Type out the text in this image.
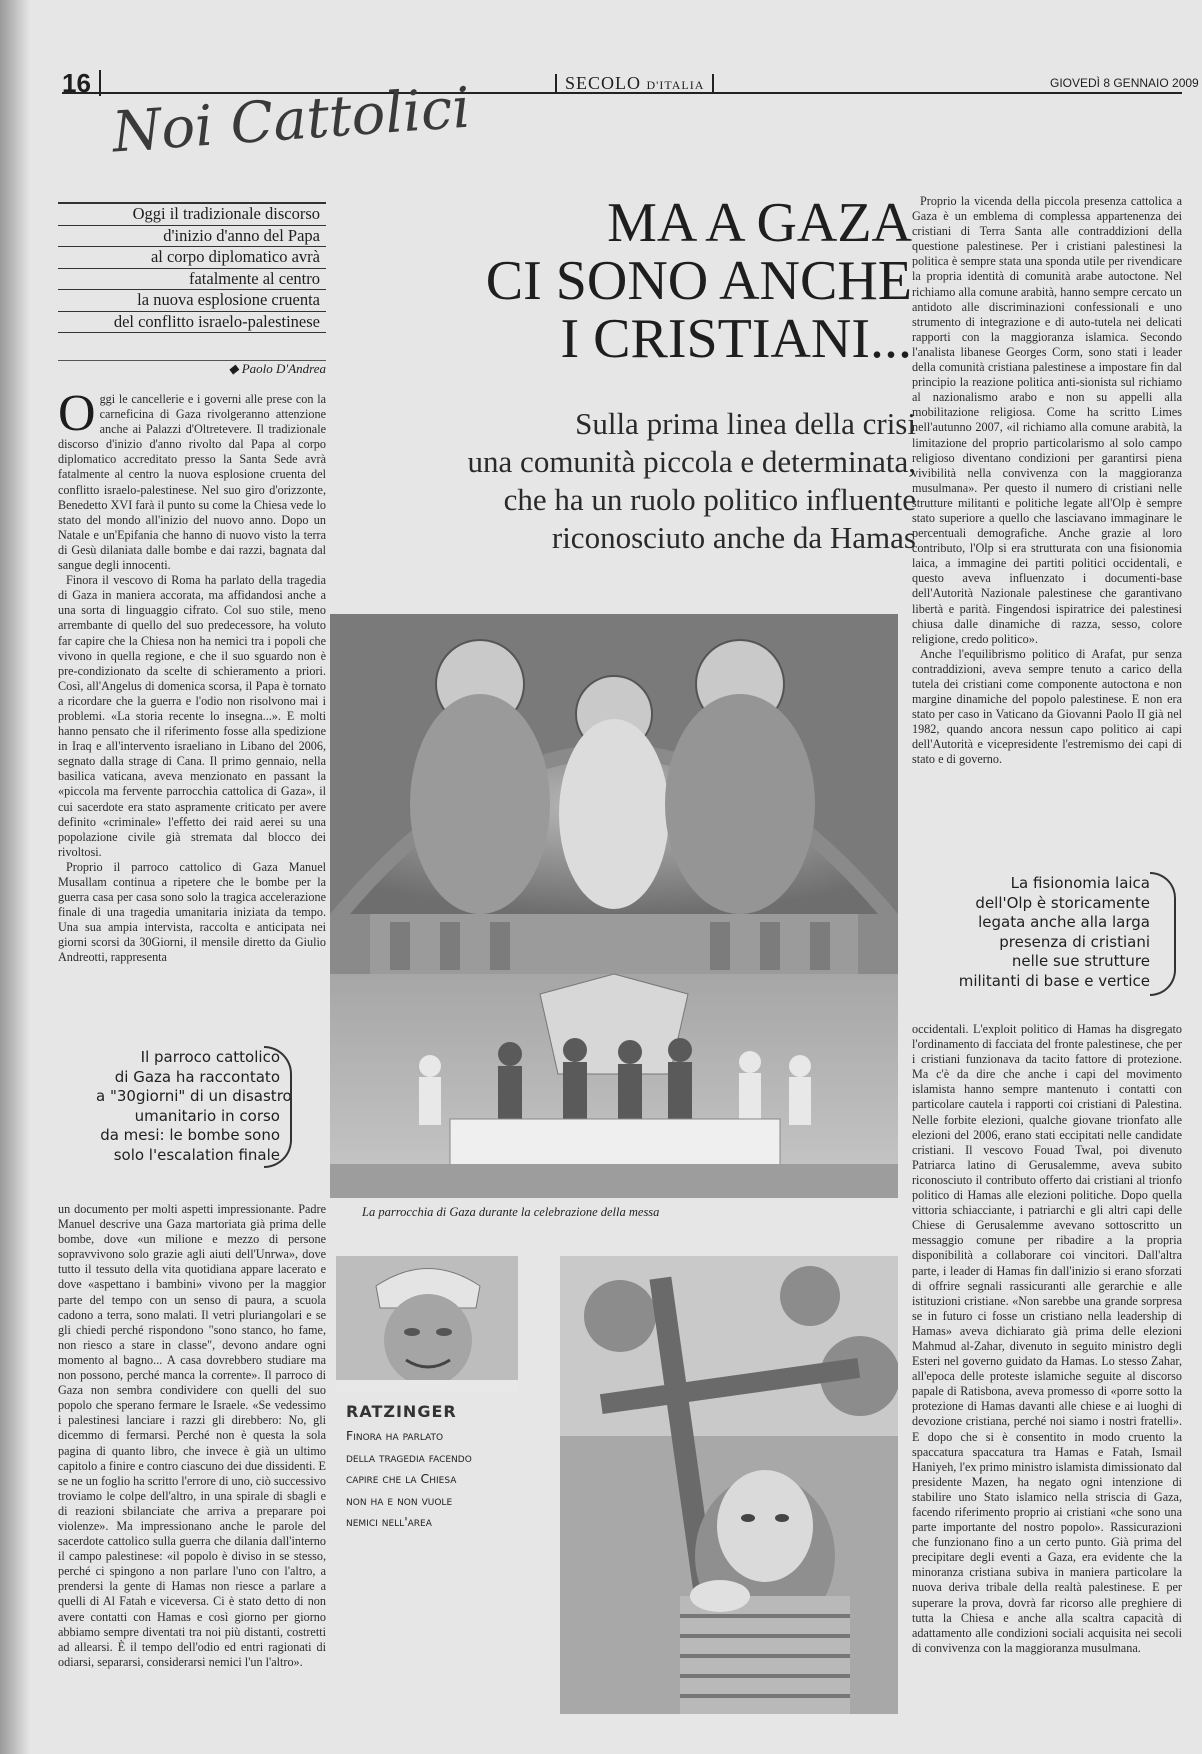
16	SECOLO D'ITALIA	GIOVEDÌ 8 GENNAIO 2009
Noi Cattolici
Oggi il tradizionale discorso
d'inizio d'anno del Papa
al corpo diplomatico avrà
fatalmente al centro
la nuova esplosione cruenta
del conflitto israelo-palestinese
◆ Paolo D'Andrea
MA A GAZA
CI SONO ANCHE
I CRISTIANI...
Sulla prima linea della crisi
una comunità piccola e determinata,
che ha un ruolo politico influente
riconosciuto anche da Hamas

Oggi le cancellerie e i governi alle prese con la carneficina di Gaza rivolgeranno attenzione anche ai Palazzi d'Oltretevere. Il tradizionale discorso d'inizio d'anno rivolto dal Papa al corpo diplomatico accreditato presso la Santa Sede avrà fatalmente al centro la nuova esplosione cruenta del conflitto israelo-palestinese. Nel suo giro d'orizzonte, Benedetto XVI farà il punto su come la Chiesa vede lo stato del mondo all'inizio del nuovo anno. Dopo un Natale e un'Epifania che hanno di nuovo visto la terra di Gesù dilaniata dalle bombe e dai razzi, bagnata dal sangue degli innocenti.

Finora il vescovo di Roma ha parlato della tragedia di Gaza in maniera accorata, ma affidandosi anche a una sorta di linguaggio cifrato. Col suo stile, meno arrembante di quello del suo predecessore, ha voluto far capire che la Chiesa non ha nemici tra i popoli che vivono in quella regione, e che il suo sguardo non è pre-condizionato da scelte di schieramento a priori. Così, all'Angelus di domenica scorsa, il Papa è tornato a ricordare che la guerra e l'odio non risolvono mai i problemi. «La storia recente lo insegna...». E molti hanno pensato che il riferimento fosse alla spedizione in Iraq e all'intervento israeliano in Libano del 2006, segnato dalla strage di Cana. Il primo gennaio, nella basilica vaticana, aveva menzionato en passant la «piccola ma fervente parrocchia cattolica di Gaza», il cui sacerdote era stato aspramente criticato per avere definito «criminale» l'effetto dei raid aerei su una popolazione civile già stremata dal blocco dei rivoltosi.

Proprio il parroco cattolico di Gaza Manuel Musallam continua a ripetere che le bombe per la guerra casa per casa sono solo la tragica accelerazione finale di una tragedia umanitaria iniziata da tempo. Una sua ampia intervista, raccolta e anticipata nei giorni scorsi da 30Giorni, il mensile diretto da Giulio Andreotti, rappresenta

Il parroco cattolico
di Gaza ha raccontato
a "30giorni" di un disastro
umanitario in corso
da mesi: le bombe sono
solo l'escalation finale

un documento per molti aspetti impressionante. Padre Manuel descrive una Gaza martoriata già prima delle bombe, dove «un milione e mezzo di persone sopravvivono solo grazie agli aiuti dell'Unrwa», dove tutto il tessuto della vita quotidiana appare lacerato e dove «aspettano i bambini» vivono per la maggior parte del tempo con un senso di paura, a scuola cadono a terra, sono malati. Il vetri pluriangolari e se gli chiedi perché rispondono "sono stanco, ho fame, non riesco a stare in classe", devono andare ogni momento al bagno... A casa dovrebbero studiare ma non possono, perché manca la corrente». Il parroco di Gaza non sembra condividere con quelli del suo popolo che sperano fermare le Israele. «Se vedessimo i palestinesi lanciare i razzi gli direbbero: No, gli dicemmo di fermarsi. Perché non è questa la sola pagina di quanto libro, che invece è già un ultimo capitolo a finire e contro ciascuno dei due dissidenti. E se ne un foglio ha scritto l'errore di uno, ciò successivo troviamo le colpe dell'altro, in una spirale di sbagli e di reazioni sbilanciate che arriva a preparare poi violenze». Ma impressionano anche le parole del sacerdote cattolico sulla guerra che dilania dall'interno il campo palestinese: «il popolo è diviso in se stesso, perché ci spingono a non parlare l'uno con l'altro, a prendersi la gente di Hamas non riesce a parlare a quelli di Al Fatah e viceversa. Ci è stato detto di non avere contatti con Hamas e così giorno per giorno abbiamo sempre diventati tra noi più distanti, costretti ad allearsi. È il tempo dell'odio ed entri ragionati di odiarsi, separarsi, considerarsi nemici l'un l'altro».

La parrocchia di Gaza durante la celebrazione della messa
RATZINGER
Finora ha parlato
della tragedia facendo
capire che la Chiesa
non ha e non vuole
nemici nell'area

Proprio la vicenda della piccola presenza cattolica a Gaza è un emblema di complessa appartenenza dei cristiani di Terra Santa alle contraddizioni della questione palestinese. Per i cristiani palestinesi la politica è sempre stata una sponda utile per rivendicare la propria identità di comunità arabe autoctone. Nel richiamo alla comune arabità, hanno sempre cercato un antidoto alle discriminazioni confessionali e uno strumento di integrazione e di auto-tutela nei delicati rapporti con la maggioranza islamica. Secondo l'analista libanese Georges Corm, sono stati i leader della comunità cristiana palestinese a impostare fin dal principio la reazione politica anti-sionista sul richiamo al nazionalismo arabo e non su appelli alla mobilitazione religiosa. Come ha scritto Limes nell'autunno 2007, «il richiamo alla comune arabità, la limitazione del proprio particolarismo al solo campo religioso diventano condizioni per garantirsi piena vivibilità nella convivenza con la maggioranza musulmana». Per questo il numero di cristiani nelle strutture militanti e politiche legate all'Olp è sempre stato superiore a quello che lasciavano immaginare le percentuali demografiche. Anche grazie al loro contributo, l'Olp si era strutturata con una fisionomia laica, a immagine dei partiti politici occidentali, e questo aveva influenzato i documenti-base dell'Autorità Nazionale palestinese che garantivano libertà e parità. Fingendosi ispiratrice dei palestinesi chiusa dalle dinamiche di razza, sesso, colore religione, credo politico».

Anche l'equilibrismo politico di Arafat, pur senza contraddizioni, aveva sempre tenuto a carico della tutela dei cristiani come componente autoctona e non margine dinamiche del popolo palestinese. E non era stato per caso in Vaticano da Giovanni Paolo II già nel 1982, quando ancora nessun capo politico ai capi dell'Autorità e vicepresidente l'estremismo dei capi di stato e di governo.

La fisionomia laica
dell'Olp è storicamente
legata anche alla larga
presenza di cristiani
nelle sue strutture
militanti di base e vertice

occidentali. L'exploit politico di Hamas ha disgregato l'ordinamento di facciata del fronte palestinese, che per i cristiani funzionava da tacito fattore di protezione. Ma c'è da dire che anche i capi del movimento islamista hanno sempre mantenuto i contatti con particolare cautela i rapporti coi cristiani di Palestina. Nelle forbite elezioni, qualche giovane trionfato alle elezioni del 2006, erano stati eccipitati nelle candidate cristiani. Il vescovo Fouad Twal, poi divenuto Patriarca latino di Gerusalemme, aveva subito riconosciuto il contributo offerto dai cristiani al trionfo politico di Hamas alle elezioni politiche. Dopo quella vittoria schiacciante, i patriarchi e gli altri capi delle Chiese di Gerusalemme avevano sottoscritto un messaggio comune per ribadire a la propria disponibilità a collaborare coi vincitori. Dall'altra parte, i leader di Hamas fin dall'inizio si erano sforzati di offrire segnali rassicuranti alle gerarchie e alle istituzioni cristiane. «Non sarebbe una grande sorpresa se in futuro ci fosse un cristiano nella leadership di Hamas» aveva dichiarato già prima delle elezioni Mahmud al-Zahar, divenuto in seguito ministro degli Esteri nel governo guidato da Hamas. Lo stesso Zahar, all'epoca delle proteste islamiche seguite al discorso papale di Ratisbona, aveva promesso di «porre sotto la protezione di Hamas davanti alle chiese e ai luoghi di devozione cristiana, perché noi siamo i nostri fratelli». E dopo che si è consentito in modo cruento la spaccatura spaccatura tra Hamas e Fatah, Ismail Haniyeh, l'ex primo ministro islamista dimissionato dal presidente Mazen, ha negato ogni intenzione di stabilire uno Stato islamico nella striscia di Gaza, facendo riferimento proprio ai cristiani «che sono una parte importante del nostro popolo». Rassicurazioni che funzionano fino a un certo punto. Già prima del precipitare degli eventi a Gaza, era evidente che la minoranza cristiana subiva in maniera particolare la nuova deriva tribale della realtà palestinese. E per superare la prova, dovrà far ricorso alle preghiere di tutta la Chiesa e anche alla scaltra capacità di adattamento alle condizioni sociali acquisita nei secoli di convivenza con la maggioranza musulmana.
